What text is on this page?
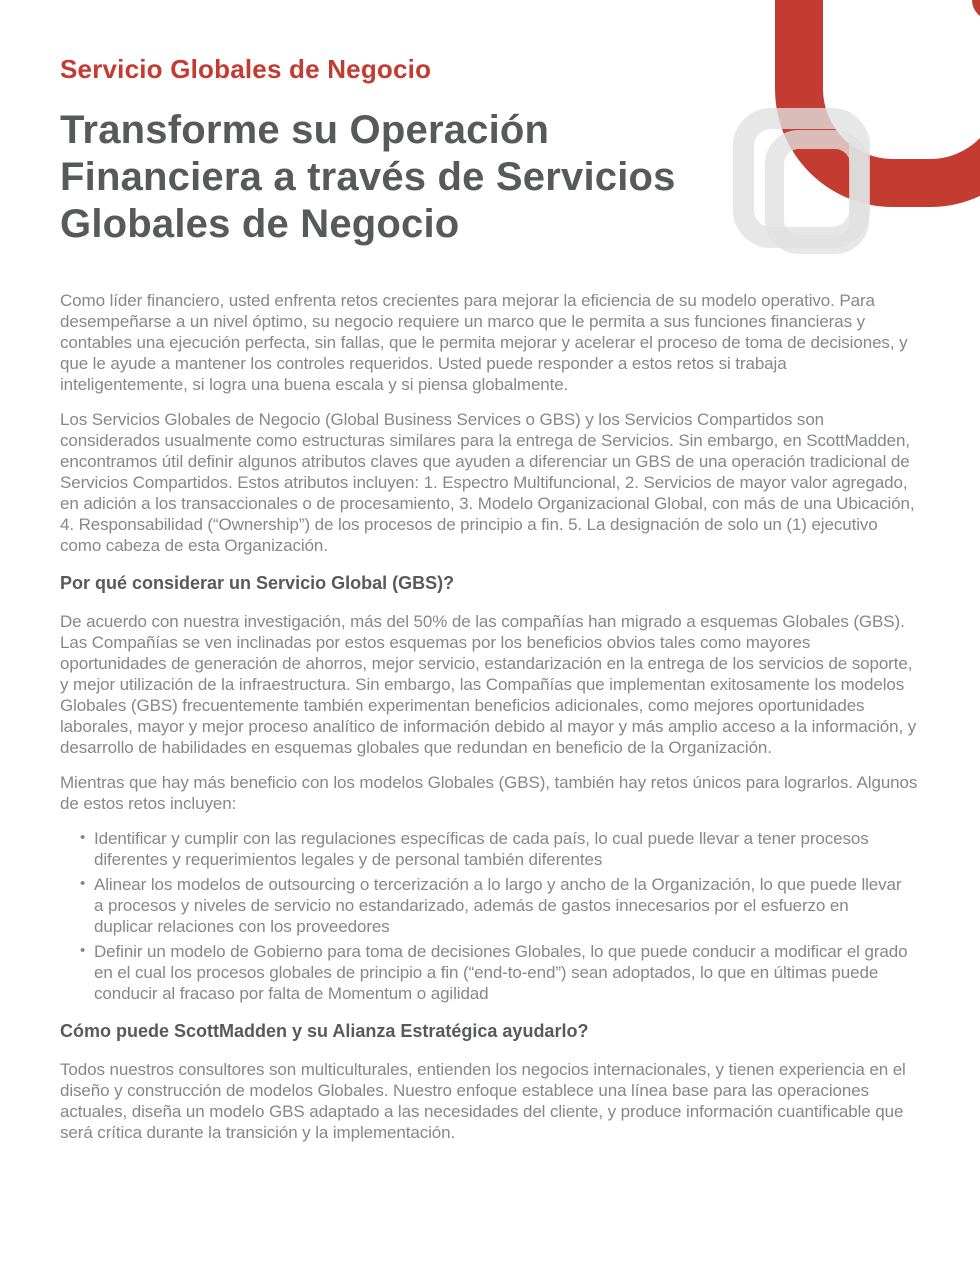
Servicio Globales de Negocio
Transforme su Operación
Financiera a través de Servicios
Globales de Negocio

Como líder financiero, usted enfrenta retos crecientes para mejorar la eficiencia de su modelo operativo. Para desempeñarse a un nivel óptimo, su negocio requiere un marco que le permita a sus funciones financieras y contables una ejecución perfecta, sin fallas, que le permita mejorar y acelerar el proceso de toma de decisiones, y que le ayude a mantener los controles requeridos. Usted puede responder a estos retos si trabaja inteligentemente, si logra una buena escala y si piensa globalmente.

Los Servicios Globales de Negocio (Global Business Services o GBS) y los Servicios Compartidos son considerados usualmente como estructuras similares para la entrega de Servicios. Sin embargo, en ScottMadden, encontramos útil definir algunos atributos claves que ayuden a diferenciar un GBS de una operación tradicional de Servicios Compartidos. Estos atributos incluyen: 1. Espectro Multifuncional, 2. Servicios de mayor valor agregado, en adición a los transaccionales o de procesamiento, 3. Modelo Organizacional Global, con más de una Ubicación, 4. Responsabilidad (“Ownership”) de los procesos de principio a fin. 5. La designación de solo un (1) ejecutivo como cabeza de esta Organización.

Por qué considerar un Servicio Global (GBS)?

De acuerdo con nuestra investigación, más del 50% de las compañías han migrado a esquemas Globales (GBS). Las Compañías se ven inclinadas por estos esquemas por los beneficios obvios tales como mayores oportunidades de generación de ahorros, mejor servicio, estandarización en la entrega de los servicios de soporte, y mejor utilización de la infraestructura. Sin embargo, las Compañías que implementan exitosamente los modelos Globales (GBS) frecuentemente también experimentan beneficios adicionales, como mejores oportunidades laborales, mayor y mejor proceso analítico de información debido al mayor y más amplio acceso a la información, y desarrollo de habilidades en esquemas globales que redundan en beneficio de la Organización.

Mientras que hay más beneficio con los modelos Globales (GBS), también hay retos únicos para lograrlos. Algunos de estos retos incluyen:

• Identificar y cumplir con las regulaciones específicas de cada país, lo cual puede llevar a tener procesos diferentes y requerimientos legales y de personal también diferentes
• Alinear los modelos de outsourcing o tercerización a lo largo y ancho de la Organización, lo que puede llevar a procesos y niveles de servicio no estandarizado, además de gastos innecesarios por el esfuerzo en duplicar relaciones con los proveedores
• Definir un modelo de Gobierno para toma de decisiones Globales, lo que puede conducir a modificar el grado en el cual los procesos globales de principio a fin (“end-to-end”) sean adoptados, lo que en últimas puede conducir al fracaso por falta de Momentum o agilidad
Cómo puede ScottMadden y su Alianza Estratégica ayudarlo?

Todos nuestros consultores son multiculturales, entienden los negocios internacionales, y tienen experiencia en el diseño y construcción de modelos Globales. Nuestro enfoque establece una línea base para las operaciones actuales, diseña un modelo GBS adaptado a las necesidades del cliente, y produce información cuantificable que será crítica durante la transición y la implementación.
